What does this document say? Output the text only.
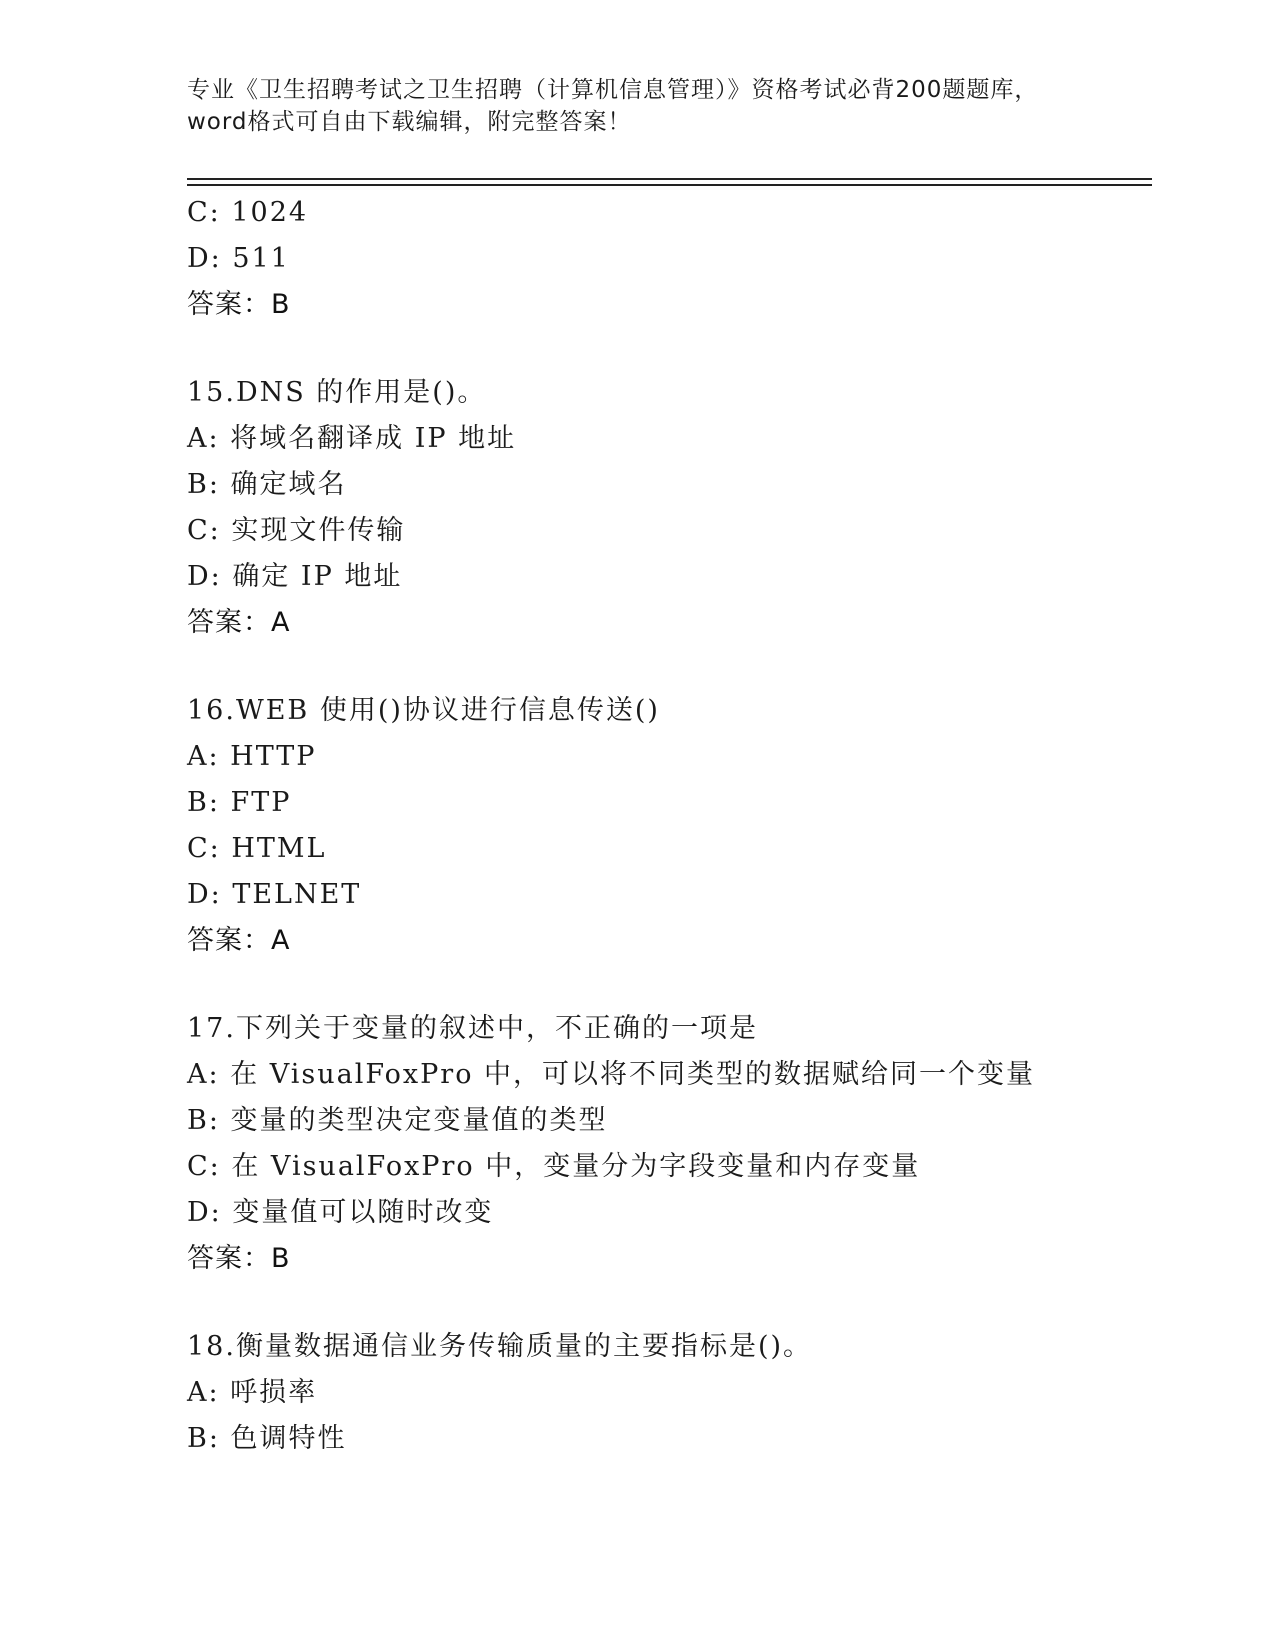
专业《卫生招聘考试之卫生招聘（计算机信息管理）》资格考试必背200题题库，
word格式可自由下载编辑，附完整答案！
C: 1024
D: 511
答案：B
15.DNS 的作用是()。
A: 将域名翻译成 IP 地址
B: 确定域名
C: 实现文件传输
D: 确定 IP 地址
答案：A
16.WEB 使用()协议进行信息传送()
A: HTTP
B: FTP
C: HTML
D: TELNET
答案：A
17.下列关于变量的叙述中，不正确的一项是
A: 在 VisualFoxPro 中，可以将不同类型的数据赋给同一个变量
B: 变量的类型决定变量值的类型
C: 在 VisualFoxPro 中，变量分为字段变量和内存变量
D: 变量值可以随时改变
答案：B
18.衡量数据通信业务传输质量的主要指标是()。
A: 呼损率
B: 色调特性
